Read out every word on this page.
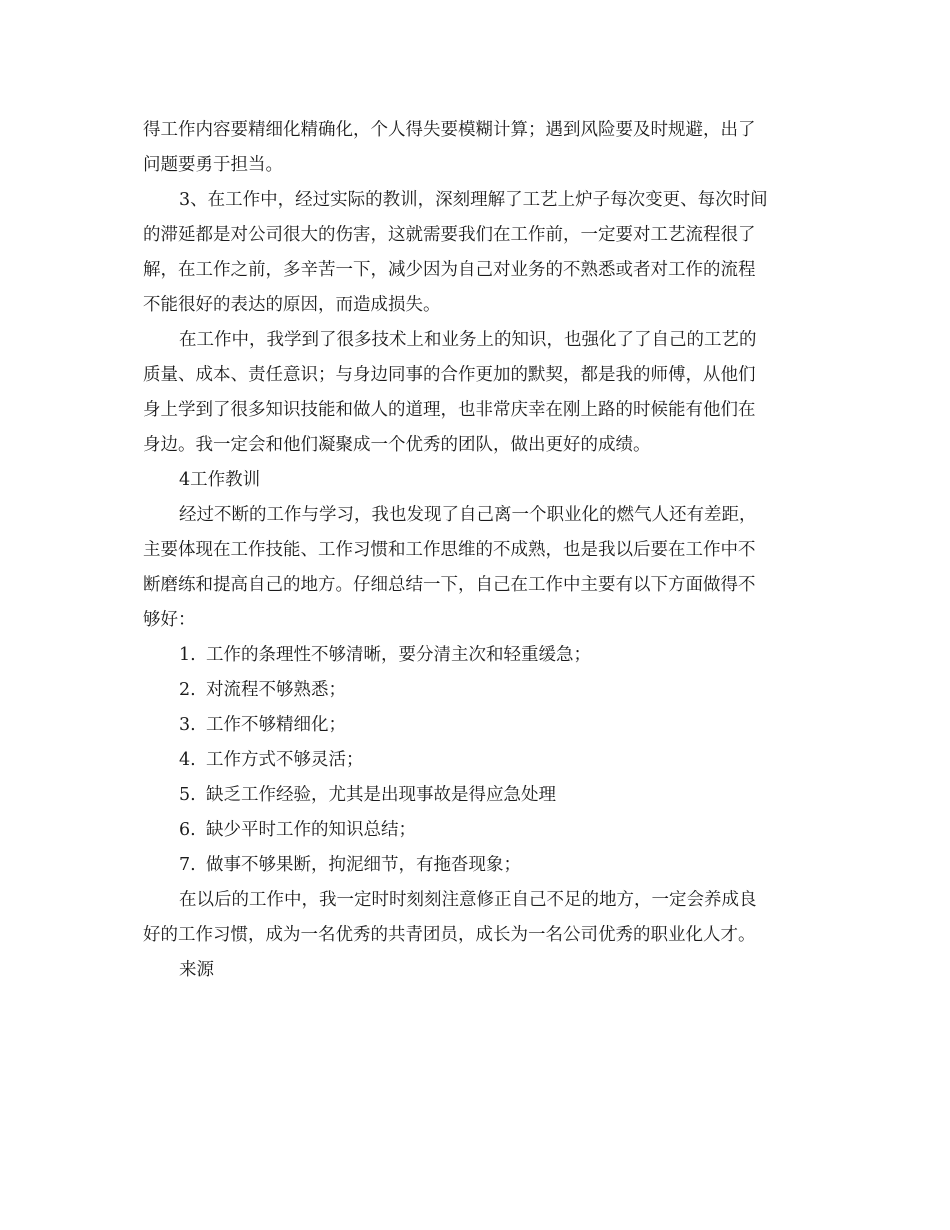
得工作内容要精细化精确化，个人得失要模糊计算；遇到风险要及时规避，出了
问题要勇于担当。
3、在工作中，经过实际的教训，深刻理解了工艺上炉子每次变更、每次时间
的滞延都是对公司很大的伤害，这就需要我们在工作前，一定要对工艺流程很了
解，在工作之前，多辛苦一下，减少因为自己对业务的不熟悉或者对工作的流程
不能很好的表达的原因，而造成损失。
在工作中，我学到了很多技术上和业务上的知识，也强化了了自己的工艺的
质量、成本、责任意识；与身边同事的合作更加的默契，都是我的师傅，从他们
身上学到了很多知识技能和做人的道理，也非常庆幸在刚上路的时候能有他们在
身边。我一定会和他们凝聚成一个优秀的团队，做出更好的成绩。
4工作教训
经过不断的工作与学习，我也发现了自己离一个职业化的燃气人还有差距，
主要体现在工作技能、工作习惯和工作思维的不成熟，也是我以后要在工作中不
断磨练和提高自己的地方。仔细总结一下，自己在工作中主要有以下方面做得不
够好：
1. 工作的条理性不够清晰，要分清主次和轻重缓急；
2. 对流程不够熟悉；
3. 工作不够精细化；
4. 工作方式不够灵活；
5. 缺乏工作经验，尤其是出现事故是得应急处理
6. 缺少平时工作的知识总结；
7. 做事不够果断，拘泥细节，有拖沓现象；
在以后的工作中，我一定时时刻刻注意修正自己不足的地方，一定会养成良
好的工作习惯，成为一名优秀的共青团员，成长为一名公司优秀的职业化人才。
来源
